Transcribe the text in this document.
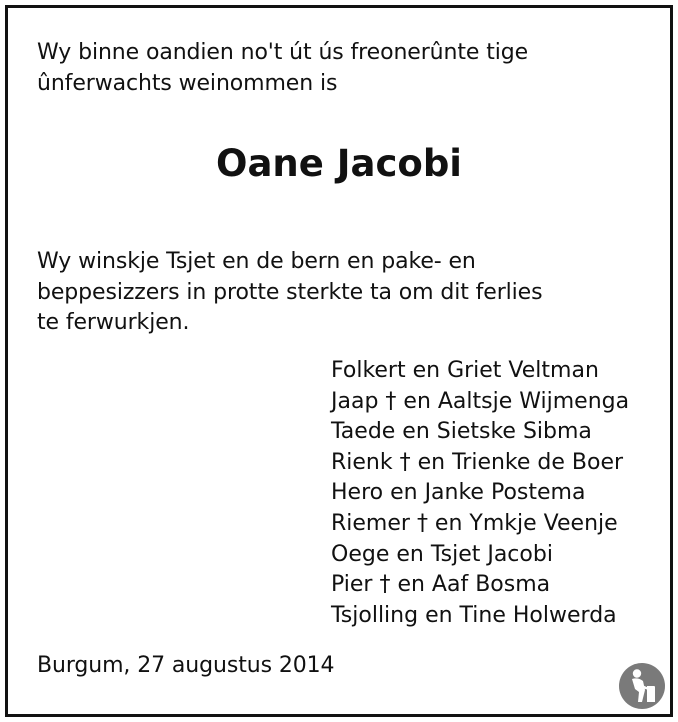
Wy binne oandien no't út ús freonerûnte tige
ûnferwachts weinommen is
Oane Jacobi
Wy winskje Tsjet en de bern en pake- en
beppesizzers in protte sterkte ta om dit ferlies
te ferwurkjen.
Folkert en Griet Veltman
Jaap † en Aaltsje Wijmenga
Taede en Sietske Sibma
Rienk † en Trienke de Boer
Hero en Janke Postema
Riemer † en Ymkje Veenje
Oege en Tsjet Jacobi
Pier † en Aaf Bosma
Tsjolling en Tine Holwerda
Burgum, 27 augustus 2014
